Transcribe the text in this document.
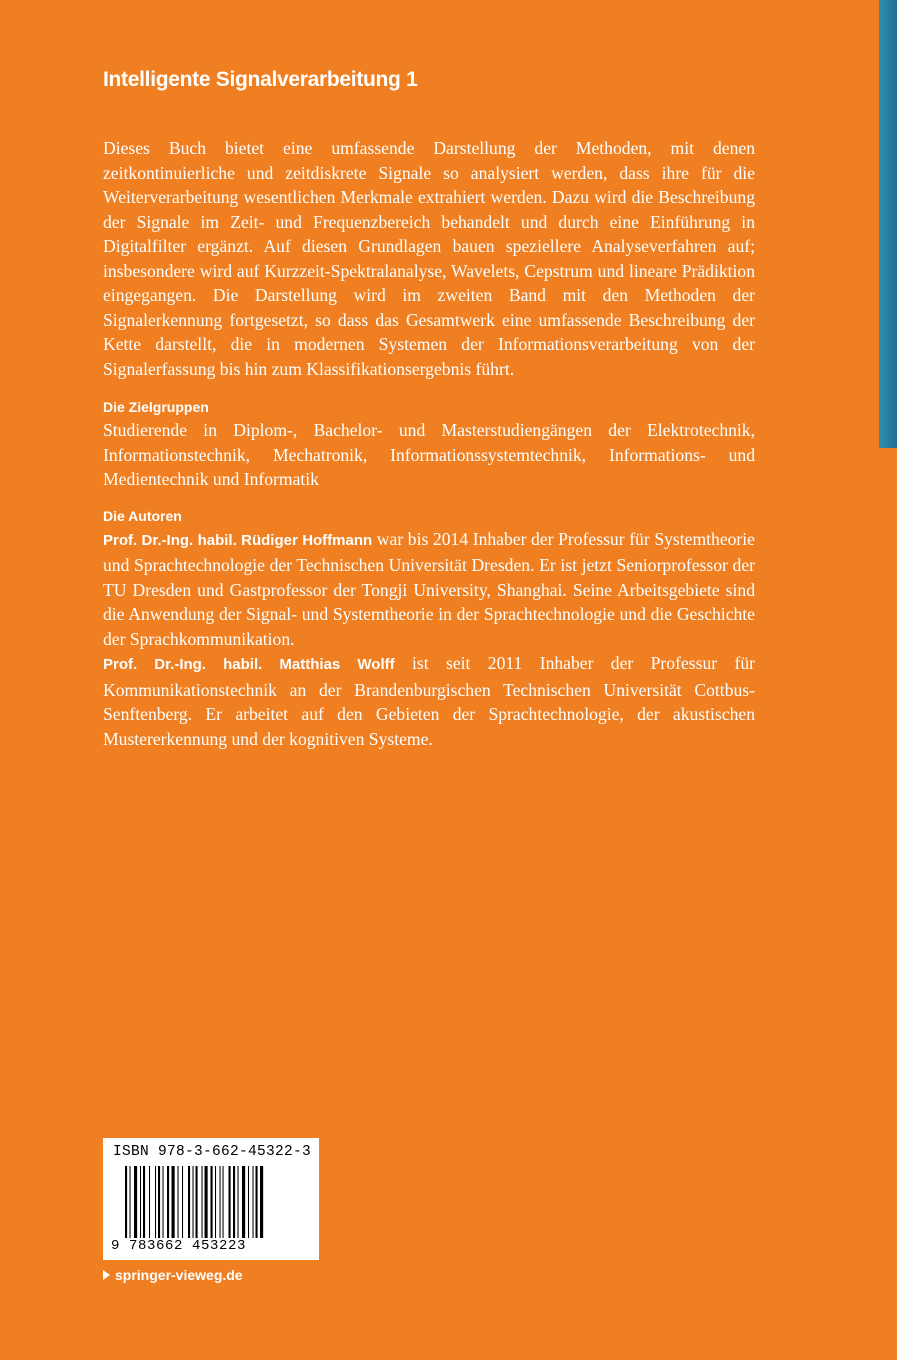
Intelligente Signalverarbeitung 1

Dieses Buch bietet eine umfassende Darstellung der Methoden, mit denen zeitkontinuierliche und zeitdiskrete Signale so analysiert werden, dass ihre für die Weiterverarbeitung wesentlichen Merkmale extrahiert werden. Dazu wird die Beschreibung der Signale im Zeit- und Frequenzbereich behandelt und durch eine Einführung in Digitalfilter ergänzt. Auf diesen Grundlagen bauen speziellere Analyseverfahren auf; insbesondere wird auf Kurzzeit-Spektralanalyse, Wavelets, Cepstrum und lineare Prädiktion eingegangen. Die Darstellung wird im zweiten Band mit den Methoden der Signalerkennung fortgesetzt, so dass das Gesamtwerk eine umfassende Beschreibung der Kette darstellt, die in modernen Systemen der Informationsverarbeitung von der Signalerfassung bis hin zum Klassifikationsergebnis führt.

Die Zielgruppen

Studierende in Diplom-, Bachelor- und Masterstudiengängen der Elektrotechnik, Informationstechnik, Mechatronik, Informationssystemtechnik, Informations- und Medientechnik und Informatik

Die Autoren

Prof. Dr.-Ing. habil. Rüdiger Hoffmann war bis 2014 Inhaber der Professur für Systemtheorie und Sprachtechnologie der Technischen Universität Dresden. Er ist jetzt Seniorprofessor der TU Dresden und Gastprofessor der Tongji University, Shanghai. Seine Arbeitsgebiete sind die Anwendung der Signal- und Systemtheorie in der Sprachtechnologie und die Geschichte der Sprachkommunikation.

Prof. Dr.-Ing. habil. Matthias Wolff ist seit 2011 Inhaber der Professur für Kommunikationstechnik an der Brandenburgischen Technischen Universität Cottbus-Senftenberg. Er arbeitet auf den Gebieten der Sprachtechnologie, der akustischen Mustererkennung und der kognitiven Systeme.

ISBN 978-3-662-45322-3
9 783662 453223
springer-vieweg.de
